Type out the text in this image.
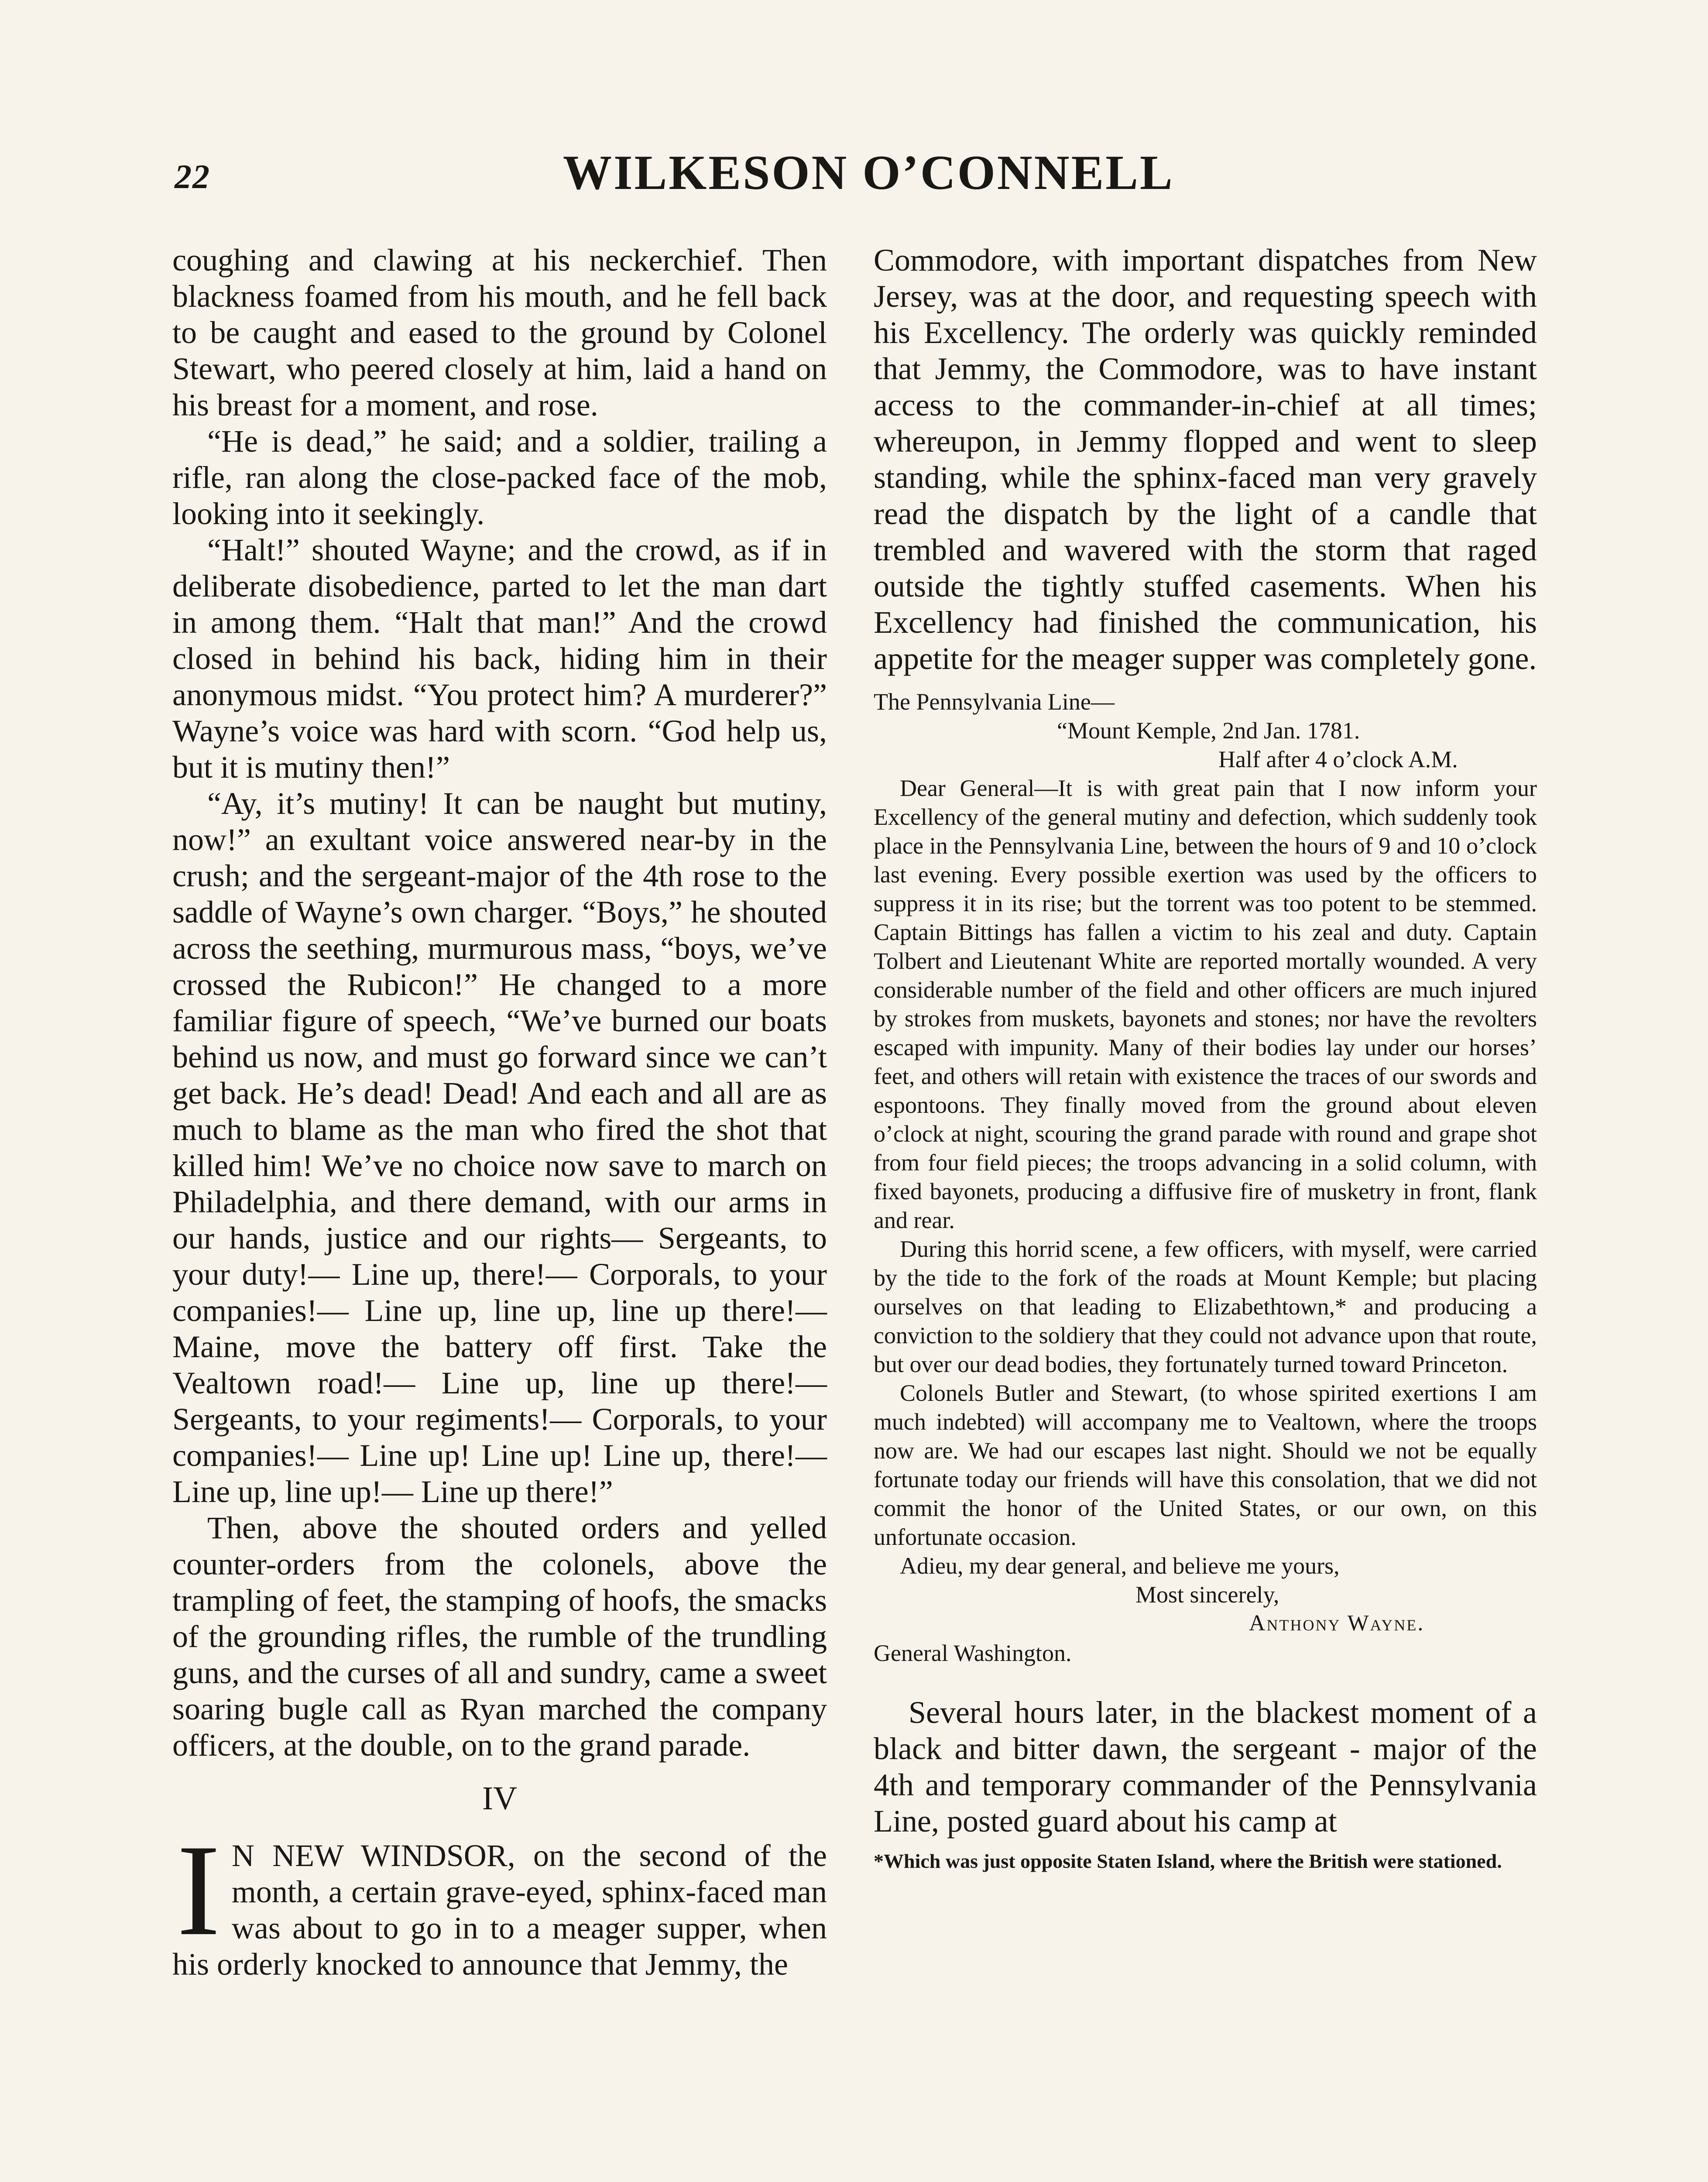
22	WILKESON O’CONNELL

coughing and clawing at his neckerchief. Then blackness foamed from his mouth, and he fell back to be caught and eased to the ground by Colonel Stewart, who peered closely at him, laid a hand on his breast for a moment, and rose.

“He is dead,” he said; and a soldier, trailing a rifle, ran along the close-packed face of the mob, looking into it seekingly.

“Halt!” shouted Wayne; and the crowd, as if in deliberate disobedience, parted to let the man dart in among them. “Halt that man!” And the crowd closed in behind his back, hiding him in their anonymous midst. “You protect him? A murderer?” Wayne’s voice was hard with scorn. “God help us, but it is mutiny then!”

“Ay, it’s mutiny! It can be naught but mutiny, now!” an exultant voice answered near-by in the crush; and the sergeant-major of the 4th rose to the saddle of Wayne’s own charger. “Boys,” he shouted across the seething, murmurous mass, “boys, we’ve crossed the Rubicon!” He changed to a more familiar figure of speech, “We’ve burned our boats behind us now, and must go forward since we can’t get back. He’s dead! Dead! And each and all are as much to blame as the man who fired the shot that killed him! We’ve no choice now save to march on Philadelphia, and there demand, with our arms in our hands, justice and our rights— Sergeants, to your duty!— Line up, there!— Corporals, to your companies!— Line up, line up, line up there!— Maine, move the battery off first. Take the Vealtown road!— Line up, line up there!— Sergeants, to your regiments!— Corporals, to your companies!— Line up! Line up! Line up, there!— Line up, line up!— Line up there!”

Then, above the shouted orders and yelled counter-orders from the colonels, above the trampling of feet, the stamping of hoofs, the smacks of the grounding rifles, the rumble of the trundling guns, and the curses of all and sundry, came a sweet soaring bugle call as Ryan marched the company officers, at the double, on to the grand parade.

IV

I N NEW WINDSOR, on the second of the month, a certain grave-eyed, sphinx-faced man was about to go in to a meager supper, when his orderly knocked to announce that Jemmy, the

Commodore, with important dispatches from New Jersey, was at the door, and requesting speech with his Excellency. The orderly was quickly reminded that Jemmy, the Commodore, was to have instant access to the commander-in-chief at all times; whereupon, in Jemmy flopped and went to sleep standing, while the sphinx-faced man very gravely read the dispatch by the light of a candle that trembled and wavered with the storm that raged outside the tightly stuffed casements. When his Excellency had finished the communication, his appetite for the meager supper was completely gone.

The Pennsylvania Line—
“Mount Kemple, 2nd Jan. 1781.
Half after 4 o’clock A.M.

Dear General—It is with great pain that I now inform your Excellency of the general mutiny and defection, which suddenly took place in the Pennsylvania Line, between the hours of 9 and 10 o’clock last evening. Every possible exertion was used by the officers to suppress it in its rise; but the torrent was too potent to be stemmed. Captain Bittings has fallen a victim to his zeal and duty. Captain Tolbert and Lieutenant White are reported mortally wounded. A very considerable number of the field and other officers are much injured by strokes from muskets, bayonets and stones; nor have the revolters escaped with impunity. Many of their bodies lay under our horses’ feet, and others will retain with existence the traces of our swords and espontoons. They finally moved from the ground about eleven o’clock at night, scouring the grand parade with round and grape shot from four field pieces; the troops advancing in a solid column, with fixed bayonets, producing a diffusive fire of musketry in front, flank and rear.

During this horrid scene, a few officers, with myself, were carried by the tide to the fork of the roads at Mount Kemple; but placing ourselves on that leading to Elizabethtown,* and producing a conviction to the soldiery that they could not advance upon that route, but over our dead bodies, they fortunately turned toward Princeton.

Colonels Butler and Stewart, (to whose spirited exertions I am much indebted) will accompany me to Vealtown, where the troops now are. We had our escapes last night. Should we not be equally fortunate today our friends will have this consolation, that we did not commit the honor of the United States, or our own, on this unfortunate occasion.

Adieu, my dear general, and believe me yours,

Most sincerely,
Anthony Wayne.
General Washington.

Several hours later, in the blackest moment of a black and bitter dawn, the sergeant - major of the 4th and temporary commander of the Pennsylvania Line, posted guard about his camp at

*Which was just opposite Staten Island, where the British were stationed.
